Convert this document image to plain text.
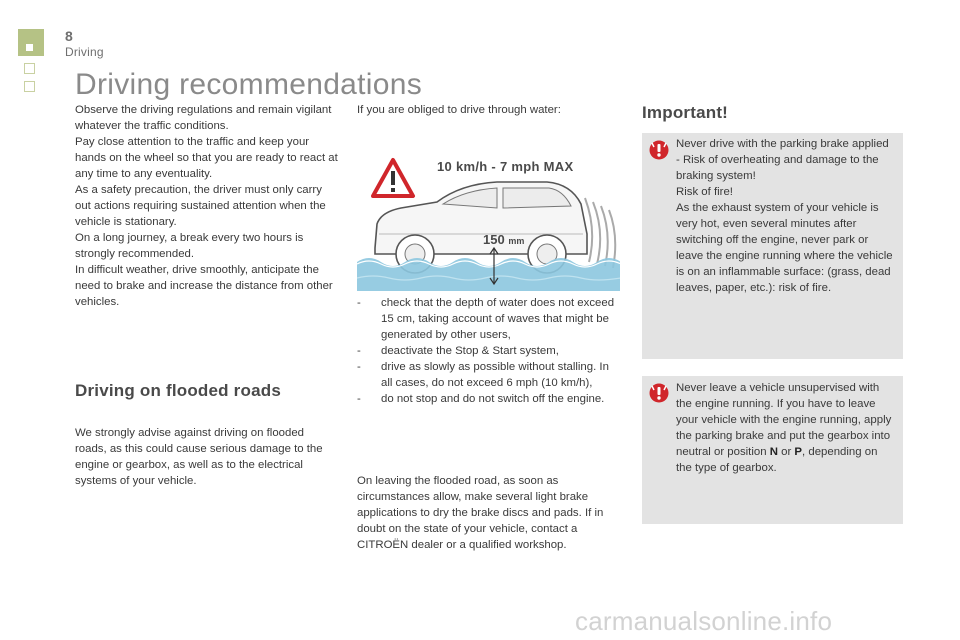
8
Driving
Driving recommendations

Observe the driving regulations and remain vigilant whatever the traffic conditions.

Pay close attention to the traffic and keep your hands on the wheel so that you are ready to react at any time to any eventuality.

As a safety precaution, the driver must only carry out actions requiring sustained attention when the vehicle is stationary.

On a long journey, a break every two hours is strongly recommended.

In difficult weather, drive smoothly, anticipate the need to brake and increase the distance from other vehicles.

Driving on flooded roads
We strongly advise against driving on flooded roads, as this could cause serious damage to the engine or gearbox, as well as to the electrical systems of your vehicle.
If you are obliged to drive through water:
10 km/h - 7 mph MAX
150 mm
- check that the depth of water does not exceed 15 cm, taking account of waves that might be generated by other users,
- deactivate the Stop & Start system,
- drive as slowly as possible without stalling. In all cases, do not exceed 6 mph (10 km/h),
- do not stop and do not switch off the engine.
On leaving the flooded road, as soon as circumstances allow, make several light brake applications to dry the brake discs and pads. If in doubt on the state of your vehicle, contact a CITROËN dealer or a qualified workshop.
Important!

Never drive with the parking brake applied - Risk of overheating and damage to the braking system!

Risk of fire!

As the exhaust system of your vehicle is very hot, even several minutes after switching off the engine, never park or leave the engine running where the vehicle is on an inflammable surface: (grass, dead leaves, paper, etc.): risk of fire.

Never leave a vehicle unsupervised with the engine running. If you have to leave your vehicle with the engine running, apply the parking brake and put the gearbox into neutral or position N or P, depending on the type of gearbox.

carmanualsonline.info
